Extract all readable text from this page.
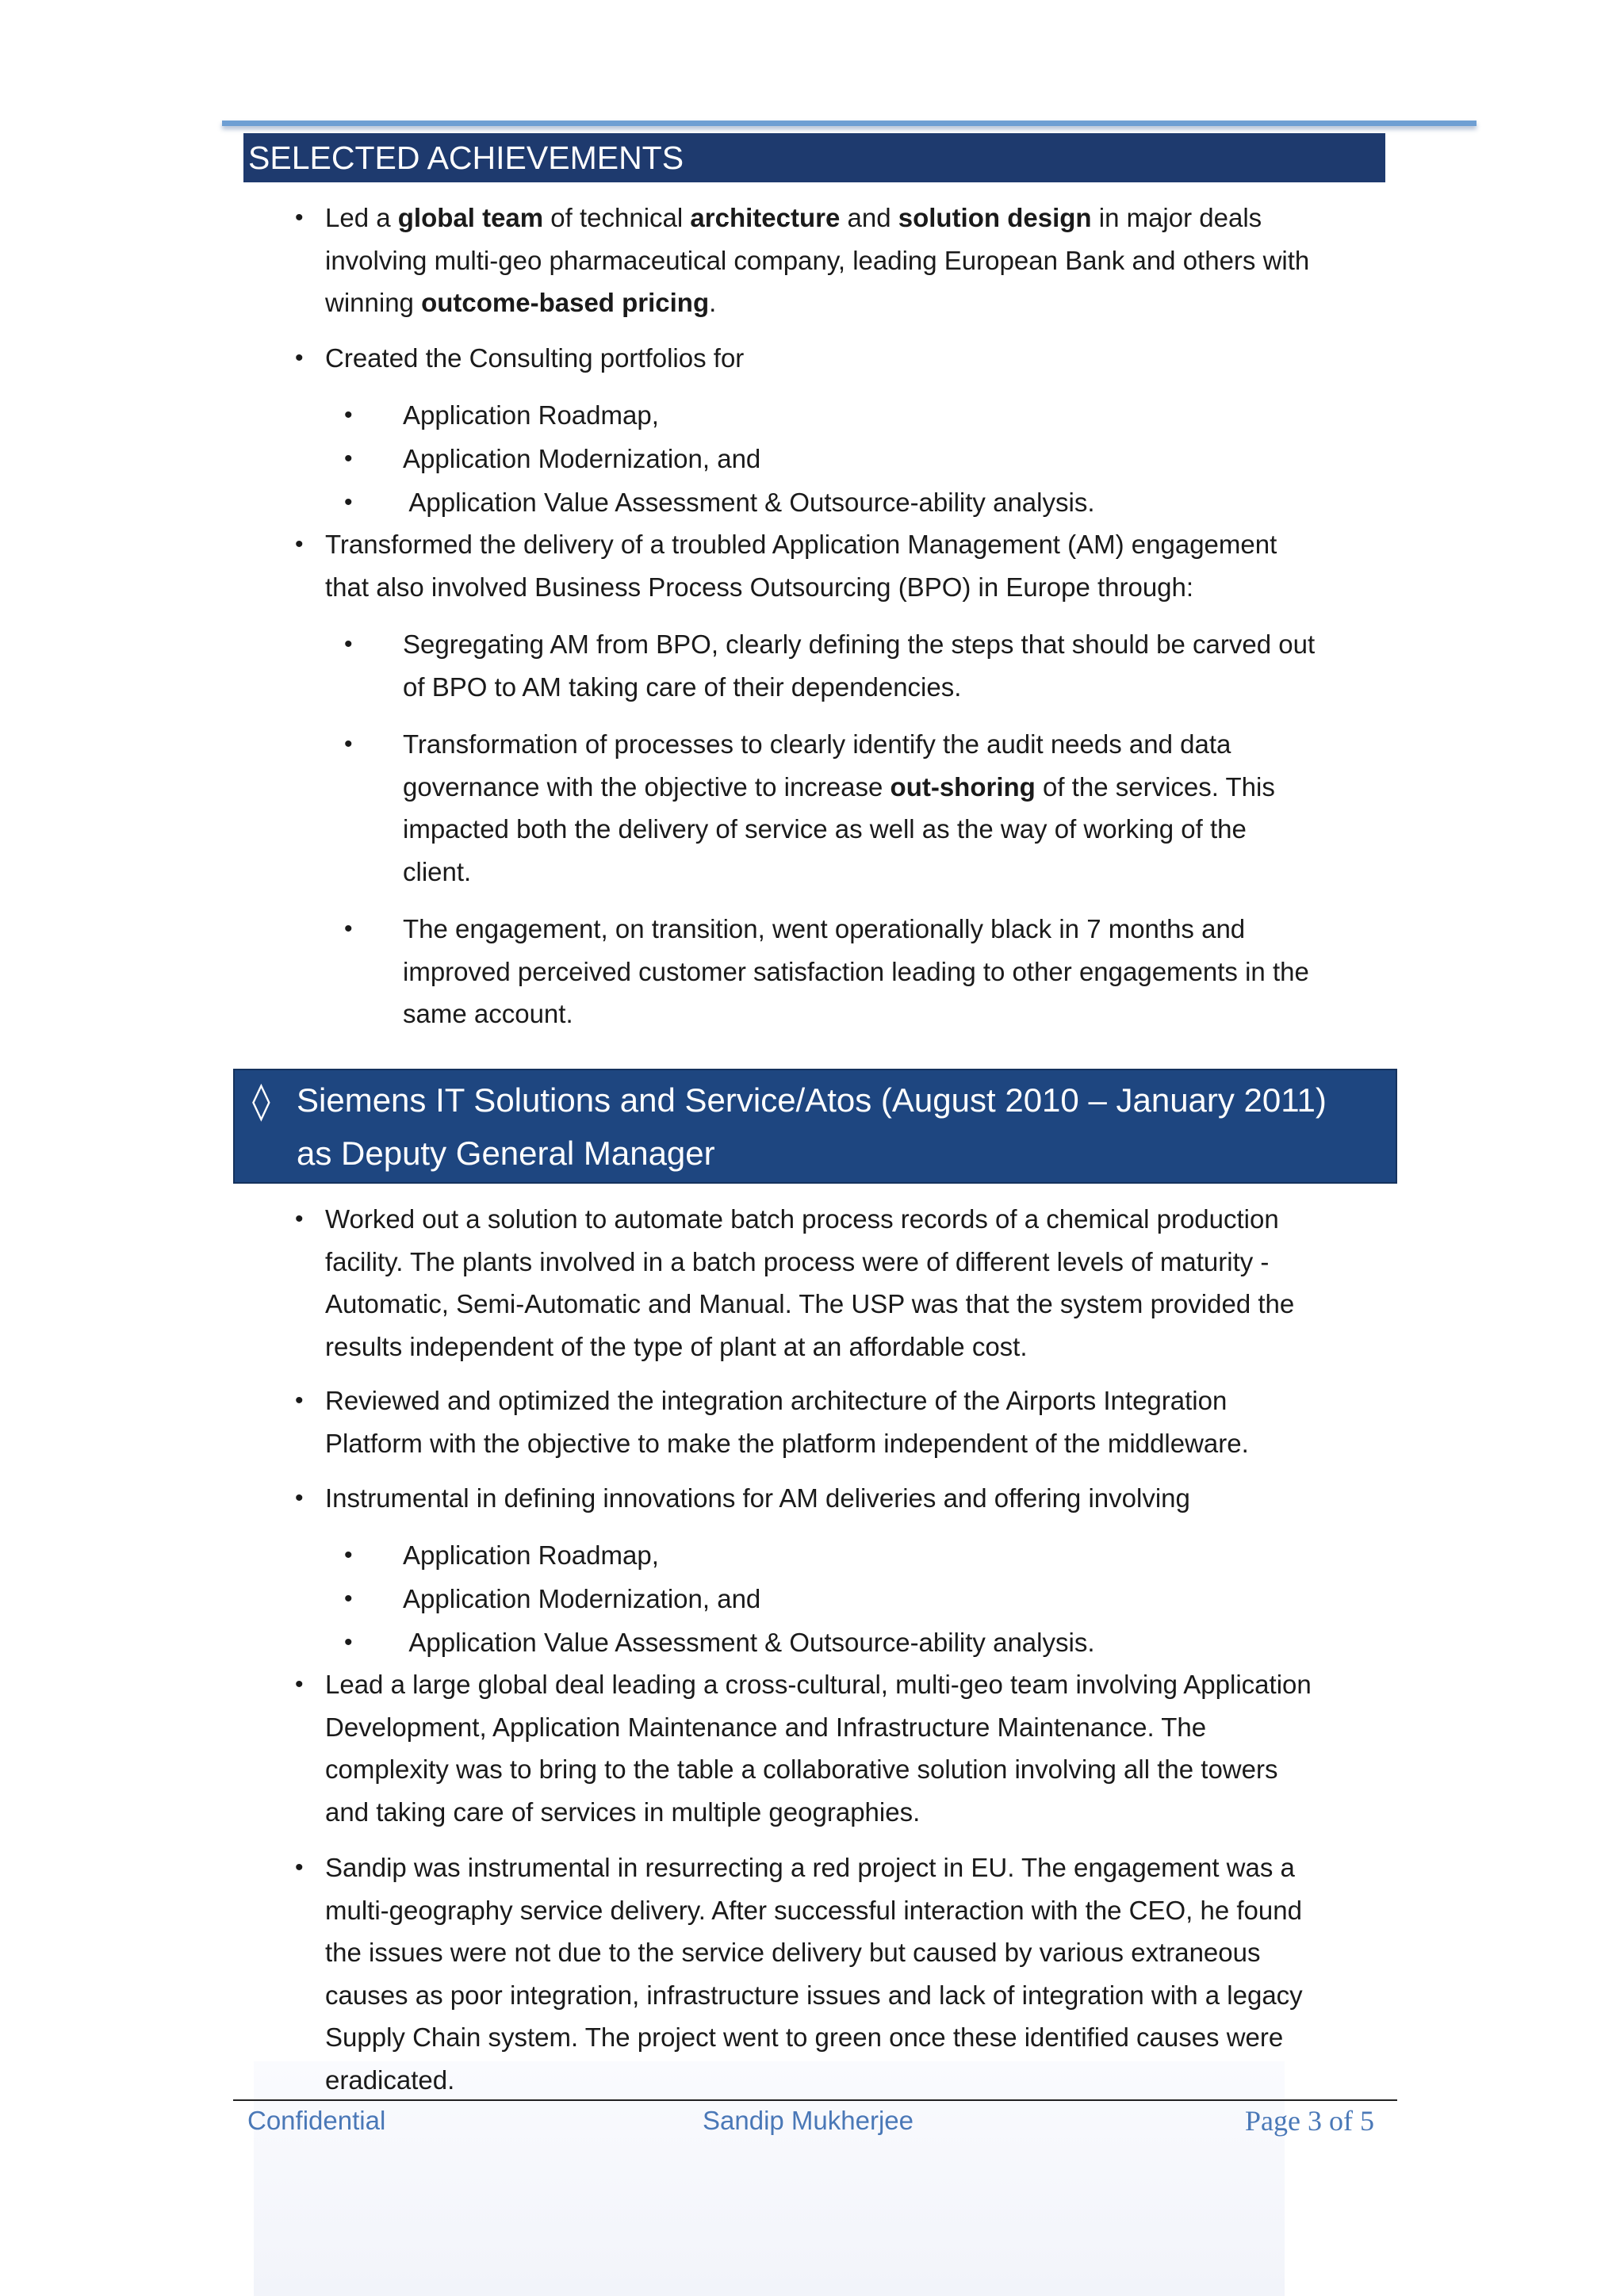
SELECTED ACHIEVEMENTS
• Led a global team of technical architecture and solution design in major deals
involving multi-geo pharmaceutical company, leading European Bank and others with
winning outcome-based pricing.
• Created the Consulting portfolios for
• Application Roadmap,
• Application Modernization, and
• Application Value Assessment & Outsource-ability analysis.
• Transformed the delivery of a troubled Application Management (AM) engagement
that also involved Business Process Outsourcing (BPO) in Europe through:
• Segregating AM from BPO, clearly defining the steps that should be carved out
of BPO to AM taking care of their dependencies.
• Transformation of processes to clearly identify the audit needs and data
governance with the objective to increase out-shoring of the services. This
impacted both the delivery of service as well as the way of working of the
client.
• The engagement, on transition, went operationally black in 7 months and
improved perceived customer satisfaction leading to other engagements in the
same account.
◊ Siemens IT Solutions and Service/Atos (August 2010 – January 2011)
as Deputy General Manager
• Worked out a solution to automate batch process records of a chemical production
facility. The plants involved in a batch process were of different levels of maturity -
Automatic, Semi-Automatic and Manual. The USP was that the system provided the
results independent of the type of plant at an affordable cost.
• Reviewed and optimized the integration architecture of the Airports Integration
Platform with the objective to make the platform independent of the middleware.
• Instrumental in defining innovations for AM deliveries and offering involving
• Application Roadmap,
• Application Modernization, and
• Application Value Assessment & Outsource-ability analysis.
• Lead a large global deal leading a cross-cultural, multi-geo team involving Application
Development, Application Maintenance and Infrastructure Maintenance. The
complexity was to bring to the table a collaborative solution involving all the towers
and taking care of services in multiple geographies.
• Sandip was instrumental in resurrecting a red project in EU. The engagement was a
multi-geography service delivery. After successful interaction with the CEO, he found
the issues were not due to the service delivery but caused by various extraneous
causes as poor integration, infrastructure issues and lack of integration with a legacy
Supply Chain system. The project went to green once these identified causes were
eradicated.
Confidential	Sandip Mukherjee	Page 3 of 5
